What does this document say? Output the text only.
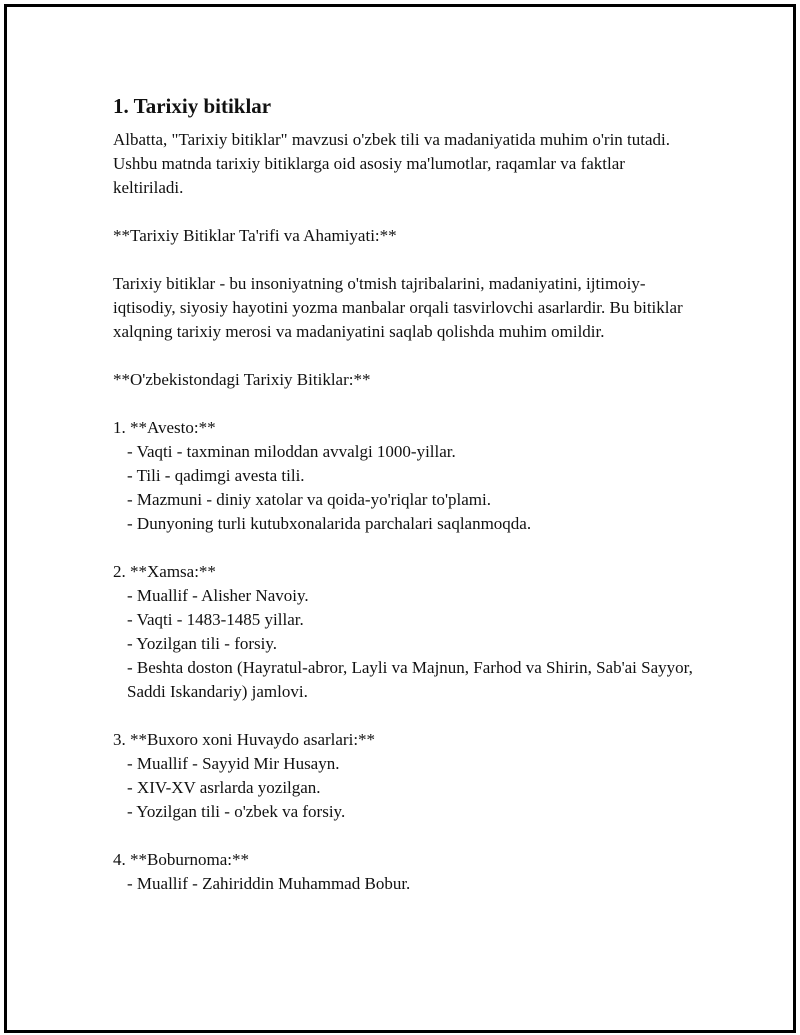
1. Tarixiy bitiklar

Albatta, "Tarixiy bitiklar" mavzusi o'zbek tili va madaniyatida muhim o'rin tutadi. Ushbu matnda tarixiy bitiklarga oid asosiy ma'lumotlar, raqamlar va faktlar keltiriladi.

**Tarixiy Bitiklar Ta'rifi va Ahamiyati:**

Tarixiy bitiklar - bu insoniyatning o'tmish tajribalarini, madaniyatini, ijtimoiy-iqtisodiy, siyosiy hayotini yozma manbalar orqali tasvirlovchi asarlardir. Bu bitiklar xalqning tarixiy merosi va madaniyatini saqlab qolishda muhim omildir.

**O'zbekistondagi Tarixiy Bitiklar:**

1. **Avesto:**

- Vaqti - taxminan miloddan avvalgi 1000-yillar.

- Tili - qadimgi avesta tili.

- Mazmuni - diniy xatolar va qoida-yo'riqlar to'plami.

- Dunyoning turli kutubxonalarida parchalari saqlanmoqda.

2. **Xamsa:**

- Muallif - Alisher Navoiy.

- Vaqti - 1483-1485 yillar.

- Yozilgan tili - forsiy.

- Beshta doston (Hayratul-abror, Layli va Majnun, Farhod va Shirin, Sab'ai Sayyor, Saddi Iskandariy) jamlovi.

3. **Buxoro xoni Huvaydo asarlari:**

- Muallif - Sayyid Mir Husayn.

- XIV-XV asrlarda yozilgan.

- Yozilgan tili - o'zbek va forsiy.

4. **Boburnoma:**

- Muallif - Zahiriddin Muhammad Bobur.
